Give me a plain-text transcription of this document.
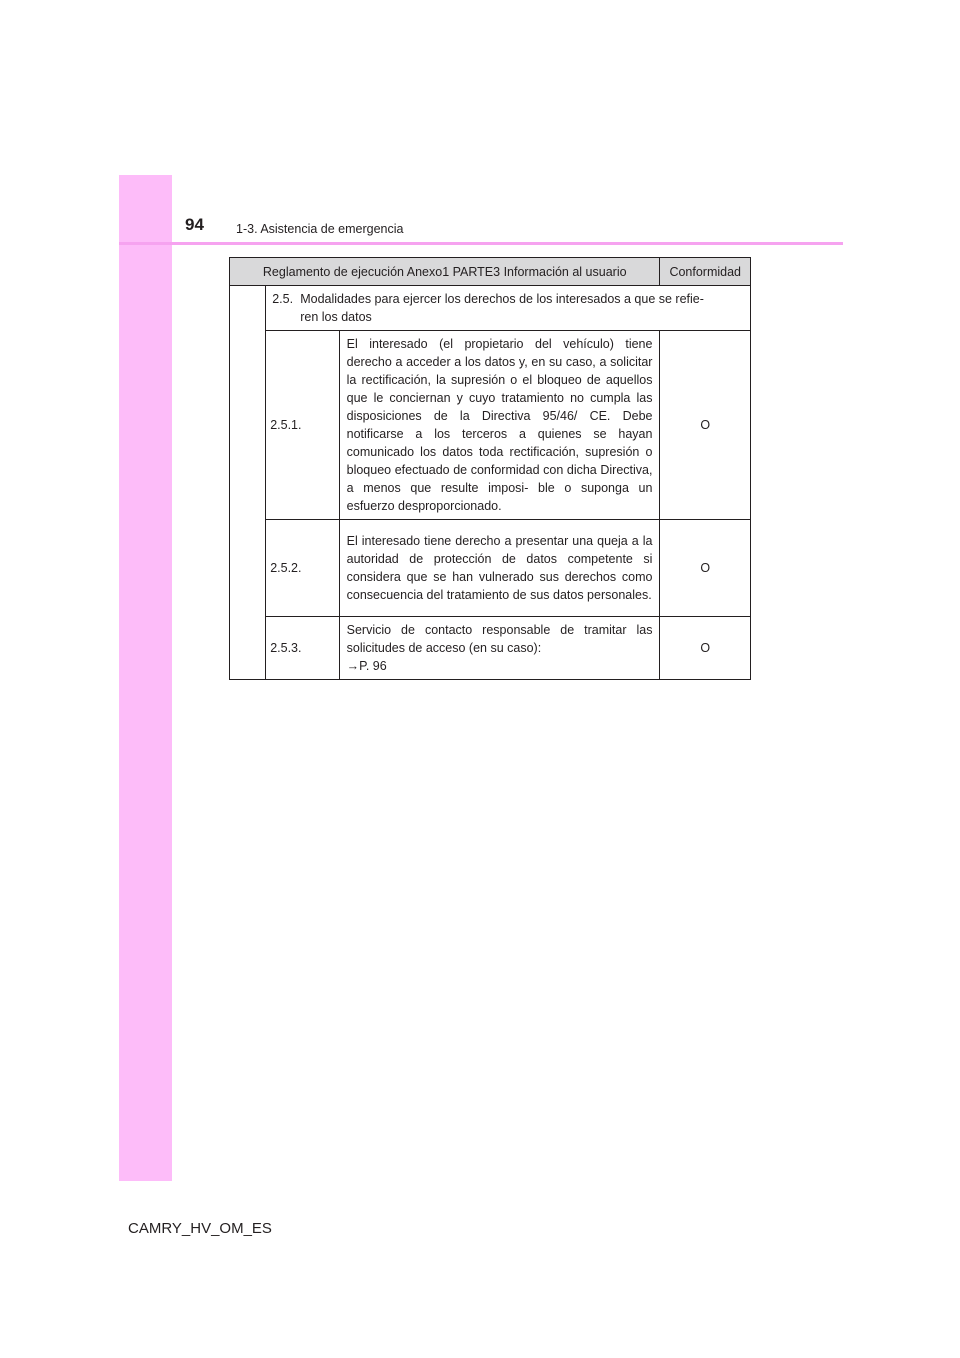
94	1-3. Asistencia de emergencia
Reglamento de ejecución Anexo1 PARTE3 Información al usuario			Conformidad
	2.5. Modalidades para ejercer los derechos de los interesados a que se refie-
ren los datos		

	2.5.1.	El interesado (el propietario del vehículo) tiene derecho a acceder a los datos y, en su caso, a solicitar la rectificación, la supresión o el bloqueo de aquellos que le conciernan y cuyo tratamiento no cumpla las disposiciones de la Directiva 95/46/ CE. Debe notificarse a los terceros a quienes se hayan comunicado los datos toda rectificación, supresión o bloqueo efectuado de conformidad con dicha Directiva, a menos que resulte imposi- ble o suponga un esfuerzo desproporcionado.	O
	2.5.2.	El interesado tiene derecho a presentar una queja a la autoridad de protección de datos competente si considera que se han vulnerado sus derechos como consecuencia del tratamiento de sus datos personales.	O
	2.5.3.	Servicio de contacto responsable de tramitar las solicitudes de acceso (en su caso):
→P. 96	O
CAMRY_HV_OM_ES
